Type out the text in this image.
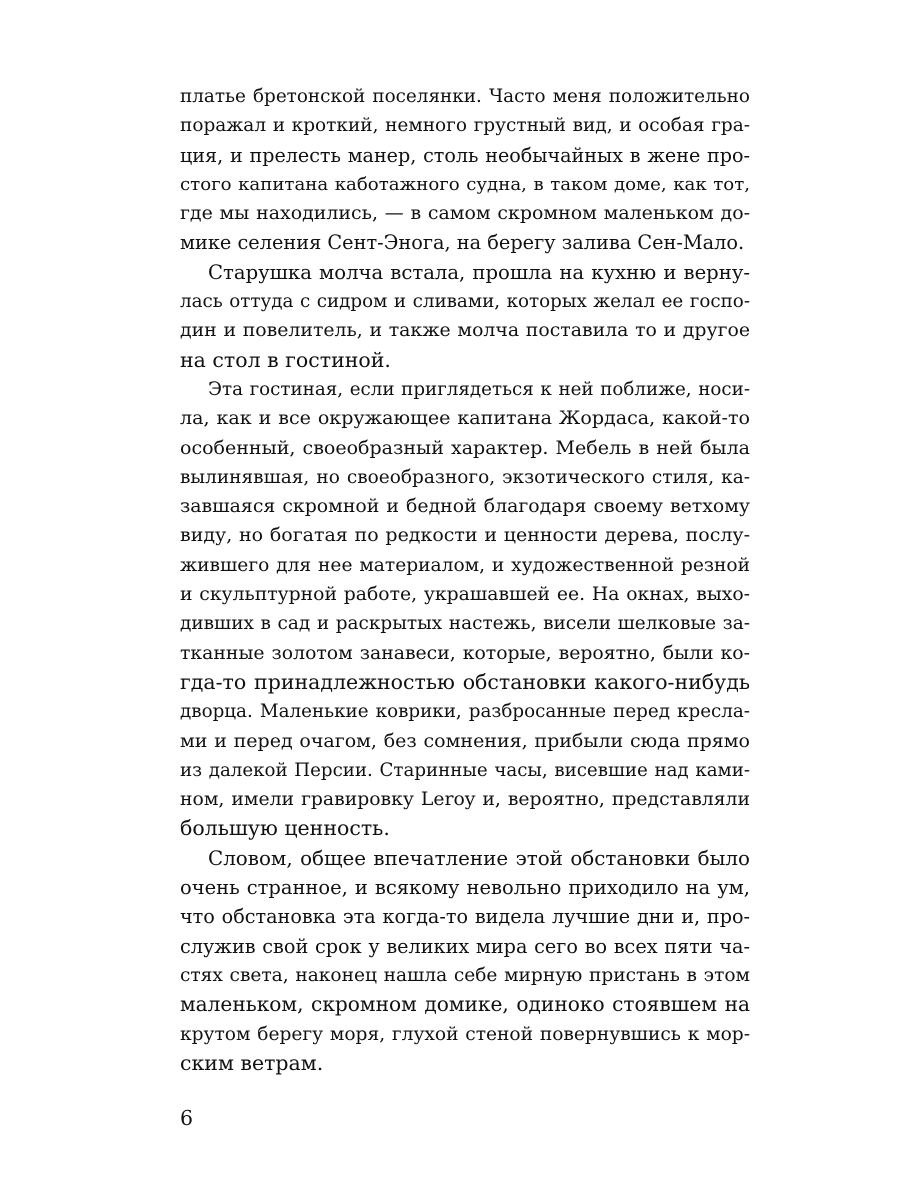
платье бретонской поселянки. Часто меня положительно
поражал и кроткий, немного грустный вид, и особая гра-
ция, и прелесть манер, столь необычайных в жене про-
стого капитана каботажного судна, в таком доме, как тот,
где мы находились, — в самом скромном маленьком до-
мике селения Сент-Эногa, на берегу залива Сен-Мало.

Старушка молча встала, прошла на кухню и верну-
лась оттуда с сидром и сливами, которых желал ее госпо-
дин и повелитель, и также молча поставила то и другое
на стол в гостиной.

Эта гостиная, если приглядеться к ней поближе, носи-
ла, как и все окружающее капитана Жордаса, какой-то
особенный, своеобразный характер. Мебель в ней была
вылинявшая, но своеобразного, экзотического стиля, ка-
завшаяся скромной и бедной благодаря своему ветхому
виду, но богатая по редкости и ценности дерева, послу-
жившего для нее материалом, и художественной резной
и скульптурной работе, украшавшей ее. На окнах, выхо-
дивших в сад и раскрытых настежь, висели шелковые за-
тканные золотом занавеси, которые, вероятно, были ко-
гда-то принадлежностью обстановки какого-нибудь
дворца. Маленькие коврики, разбросанные перед кресла-
ми и перед очагом, без сомнения, прибыли сюда прямо
из далекой Персии. Старинные часы, висевшие над ками-
ном, имели гравировку Leroy и, вероятно, представляли
большую ценность.

Словом, общее впечатление этой обстановки было
очень странное, и всякому невольно приходило на ум,
что обстановка эта когда-то видела лучшие дни и, про-
служив свой срок у великих мира сего во всех пяти ча-
стях света, наконец нашла себе мирную пристань в этом
маленьком, скромном домике, одиноко стоявшем на
крутом берегу моря, глухой стеной повернувшись к мор-
ским ветрам.

6
